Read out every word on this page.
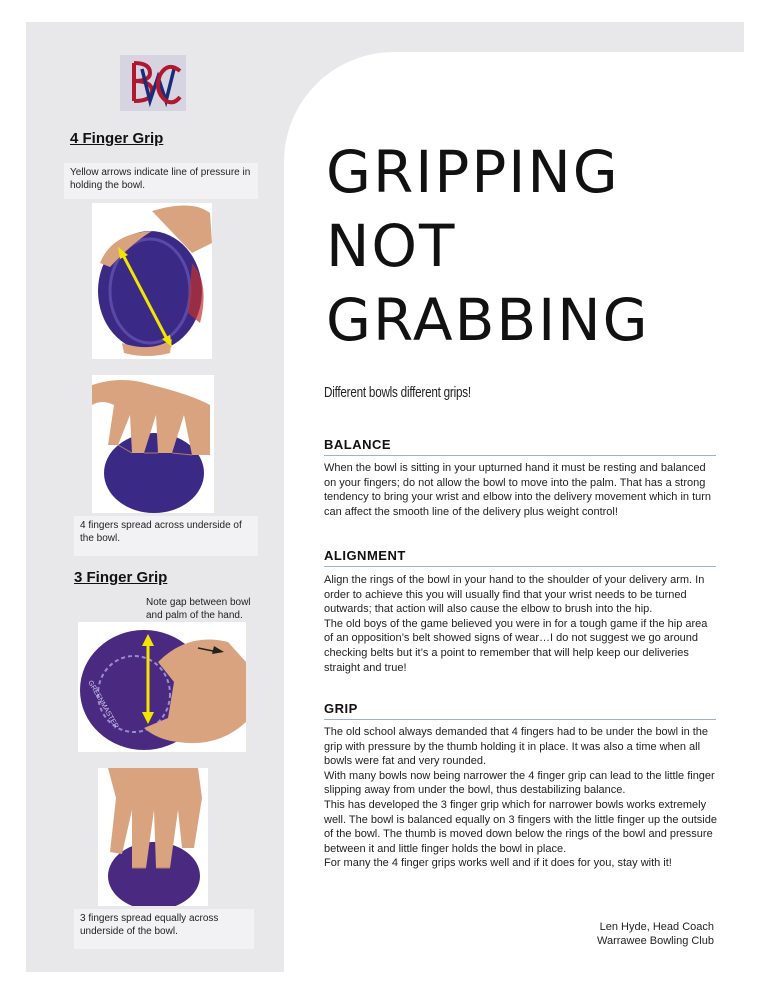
4 Finger Grip
Yellow arrows indicate line of pressure in holding the bowl.
4 fingers spread across underside of the bowl.
3 Finger Grip
Note gap between bowl and palm of the hand.
GREENMASTER
3 fingers spread equally across underside of the bowl.
GRIPPING
NOT
GRABBING
Different bowls different grips!
BALANCE

When the bowl is sitting in your upturned hand it must be resting and balanced on your fingers; do not allow the bowl to move into the palm. That has a strong tendency to bring your wrist and elbow into the delivery movement which in turn can affect the smooth line of the delivery plus weight control!

ALIGNMENT

Align the rings of the bowl in your hand to the shoulder of your delivery arm. In order to achieve this you will usually find that your wrist needs to be turned outwards; that action will also cause the elbow to brush into the hip.

The old boys of the game believed you were in for a tough game if the hip area of an opposition’s belt showed signs of wear…I do not suggest we go around checking belts but it’s a point to remember that will help keep our deliveries straight and true!

GRIP

The old school always demanded that 4 fingers had to be under the bowl in the grip with pressure by the thumb holding it in place. It was also a time when all bowls were fat and very rounded.

With many bowls now being narrower the 4 finger grip can lead to the little finger slipping away from under the bowl, thus destabilizing balance.

This has developed the 3 finger grip which for narrower bowls works extremely well. The bowl is balanced equally on 3 fingers with the little finger up the outside of the bowl. The thumb is moved down below the rings of the bowl and pressure between it and little finger holds the bowl in place.

For many the 4 finger grips works well and if it does for you, stay with it!

Len Hyde, Head Coach
Warrawee Bowling Club
